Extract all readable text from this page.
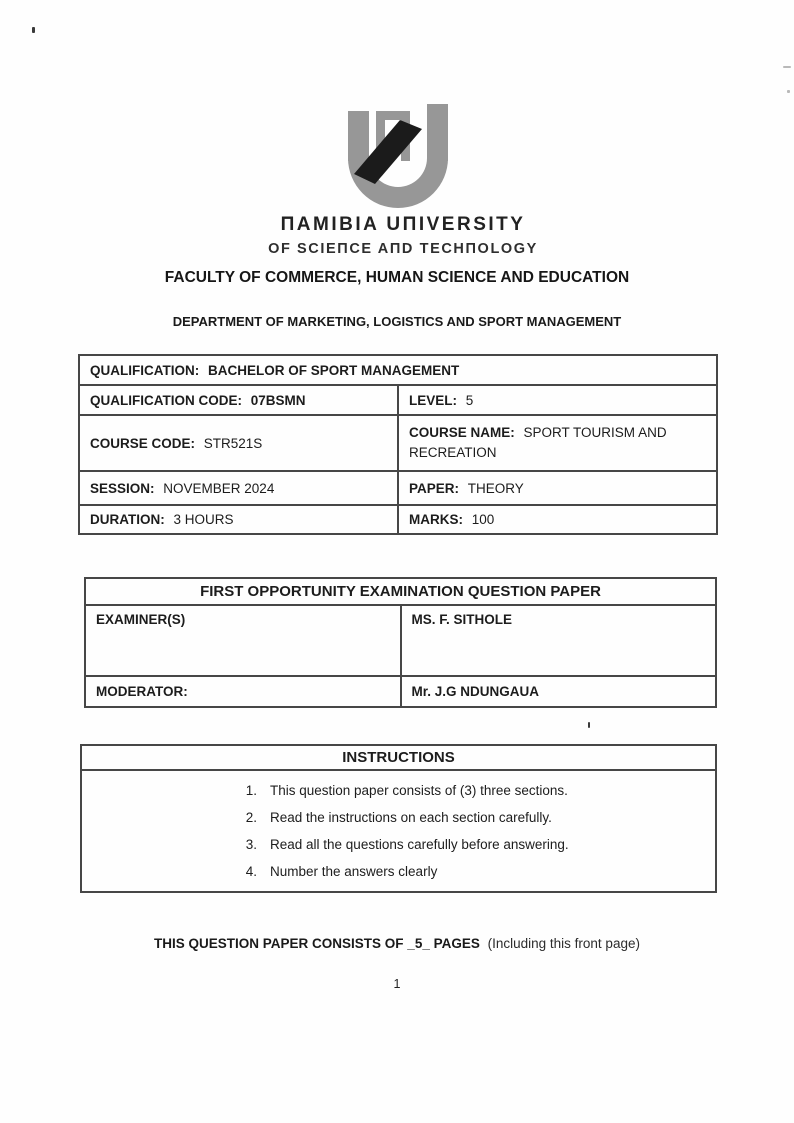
ΠAMIBIA UΠIVERSITY
OF SCIEΠCE AΠD TECHΠOLOGY
FACULTY OF COMMERCE, HUMAN SCIENCE AND EDUCATION
DEPARTMENT OF MARKETING, LOGISTICS AND SPORT MANAGEMENT
QUALIFICATION: BACHELOR OF SPORT MANAGEMENT	
QUALIFICATION CODE: 07BSMN	LEVEL: 5
COURSE CODE: STR521S	COURSE NAME: SPORT TOURISM AND RECREATION

SESSION: NOVEMBER 2024	PAPER: THEORY
DURATION: 3 HOURS	MARKS: 100
FIRST OPPORTUNITY EXAMINATION QUESTION PAPER	
EXAMINER(S)	MS. F. SITHOLE
MODERATOR:	Mr. J.G NDUNGAUA
INSTRUCTIONS

1. This question paper consists of (3) three sections.
2. Read the instructions on each section carefully.
3. Read all the questions carefully before answering.
4. Number the answers clearly
THIS QUESTION PAPER CONSISTS OF _5_ PAGES (Including this front page)
1
